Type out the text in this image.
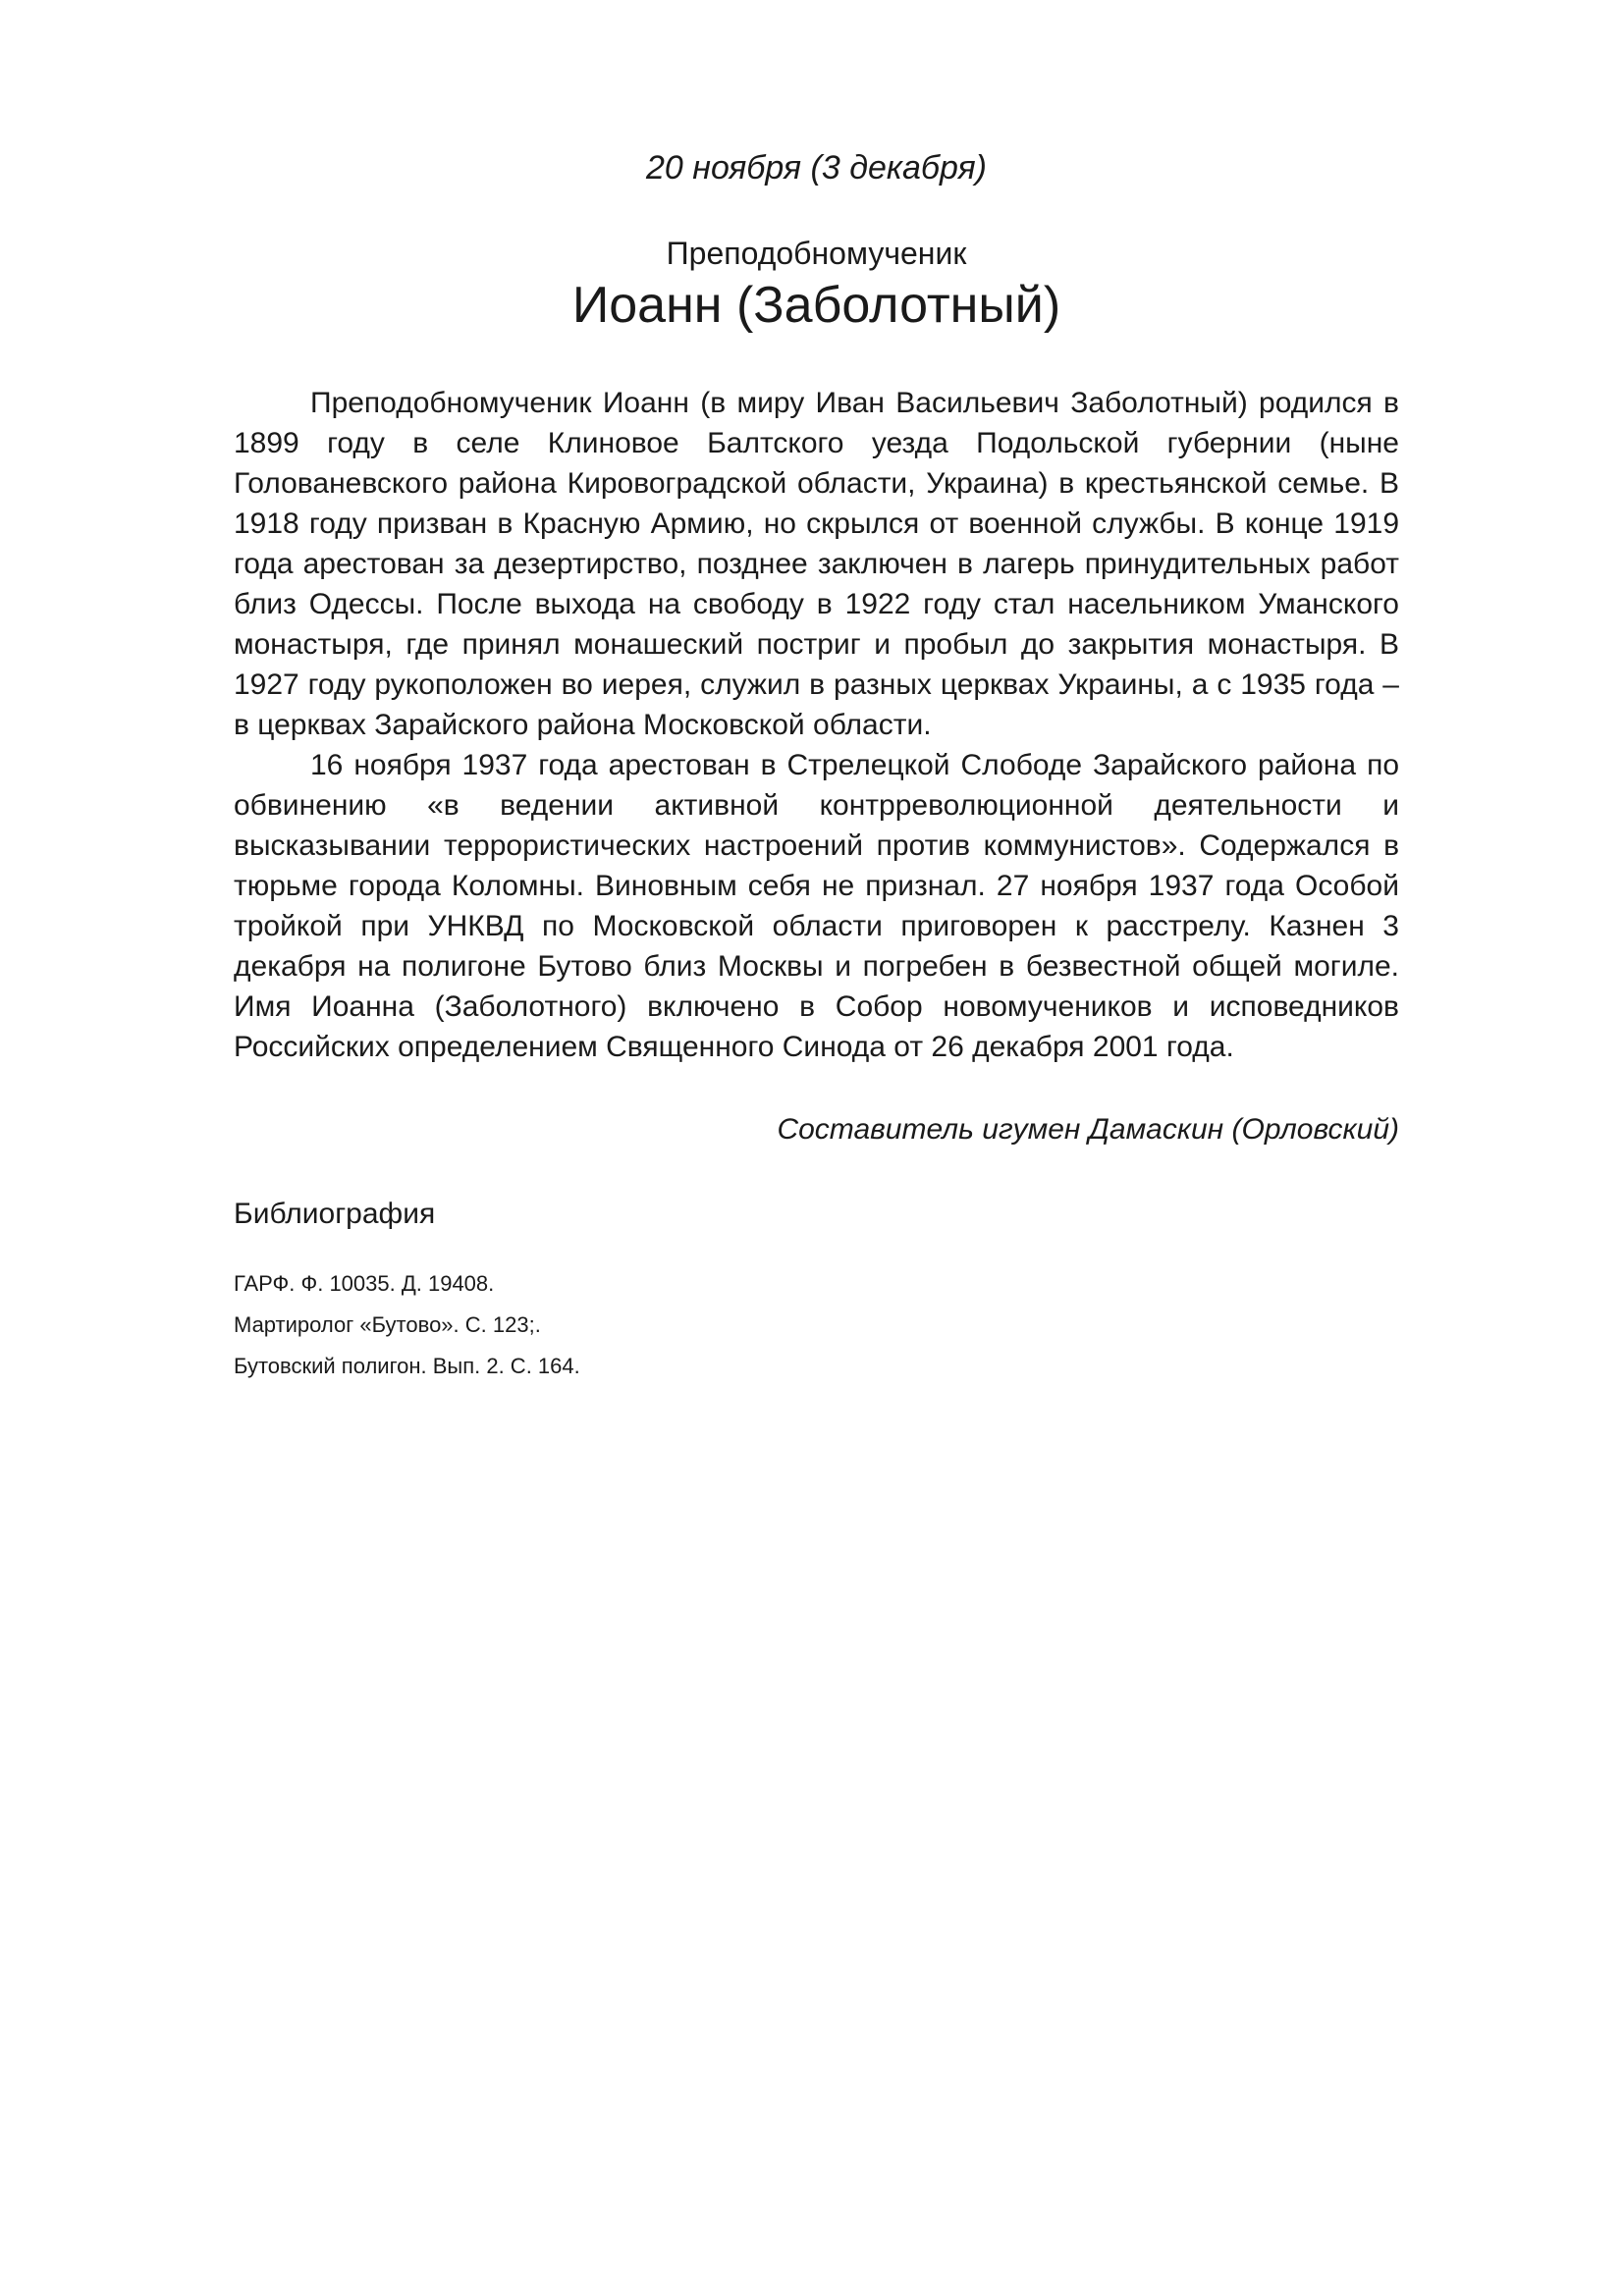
20 ноября (3 декабря)
Преподобномученик
Иоанн (Заболотный)

Преподобномученик Иоанн (в миру Иван Васильевич Заболотный) родился в 1899 году в селе Клиновое Балтского уезда Подольской губернии (ныне Голованевского района Кировоградской области, Украина) в крестьянской семье. В 1918 году призван в Красную Армию, но скрылся от военной службы. В конце 1919 года арестован за дезертирство, позднее заключен в лагерь принудительных работ близ Одессы. После выхода на свободу в 1922 году стал насельником Уманского монастыря, где принял монашеский постриг и пробыл до закрытия монастыря. В 1927 году рукоположен во иерея, служил в разных церквах Украины, а с 1935 года – в церквах Зарайского района Московской области.

16 ноября 1937 года арестован в Стрелецкой Слободе Зарайского района по обвинению «в ведении активной контрреволюционной деятельности и высказывании террористических настроений против коммунистов». Содержался в тюрьме города Коломны. Виновным себя не признал. 27 ноября 1937 года Особой тройкой при УНКВД по Московской области приговорен к расстрелу. Казнен 3 декабря на полигоне Бутово близ Москвы и погребен в безвестной общей могиле. Имя Иоанна (Заболотного) включено в Собор новомучеников и исповедников Российских определением Священного Синода от 26 декабря 2001 года.

Составитель игумен Дамаскин (Орловский)
Библиография
ГАРФ. Ф. 10035. Д. 19408.
Мартиролог «Бутово». С. 123;.
Бутовский полигон. Вып. 2. С. 164.
